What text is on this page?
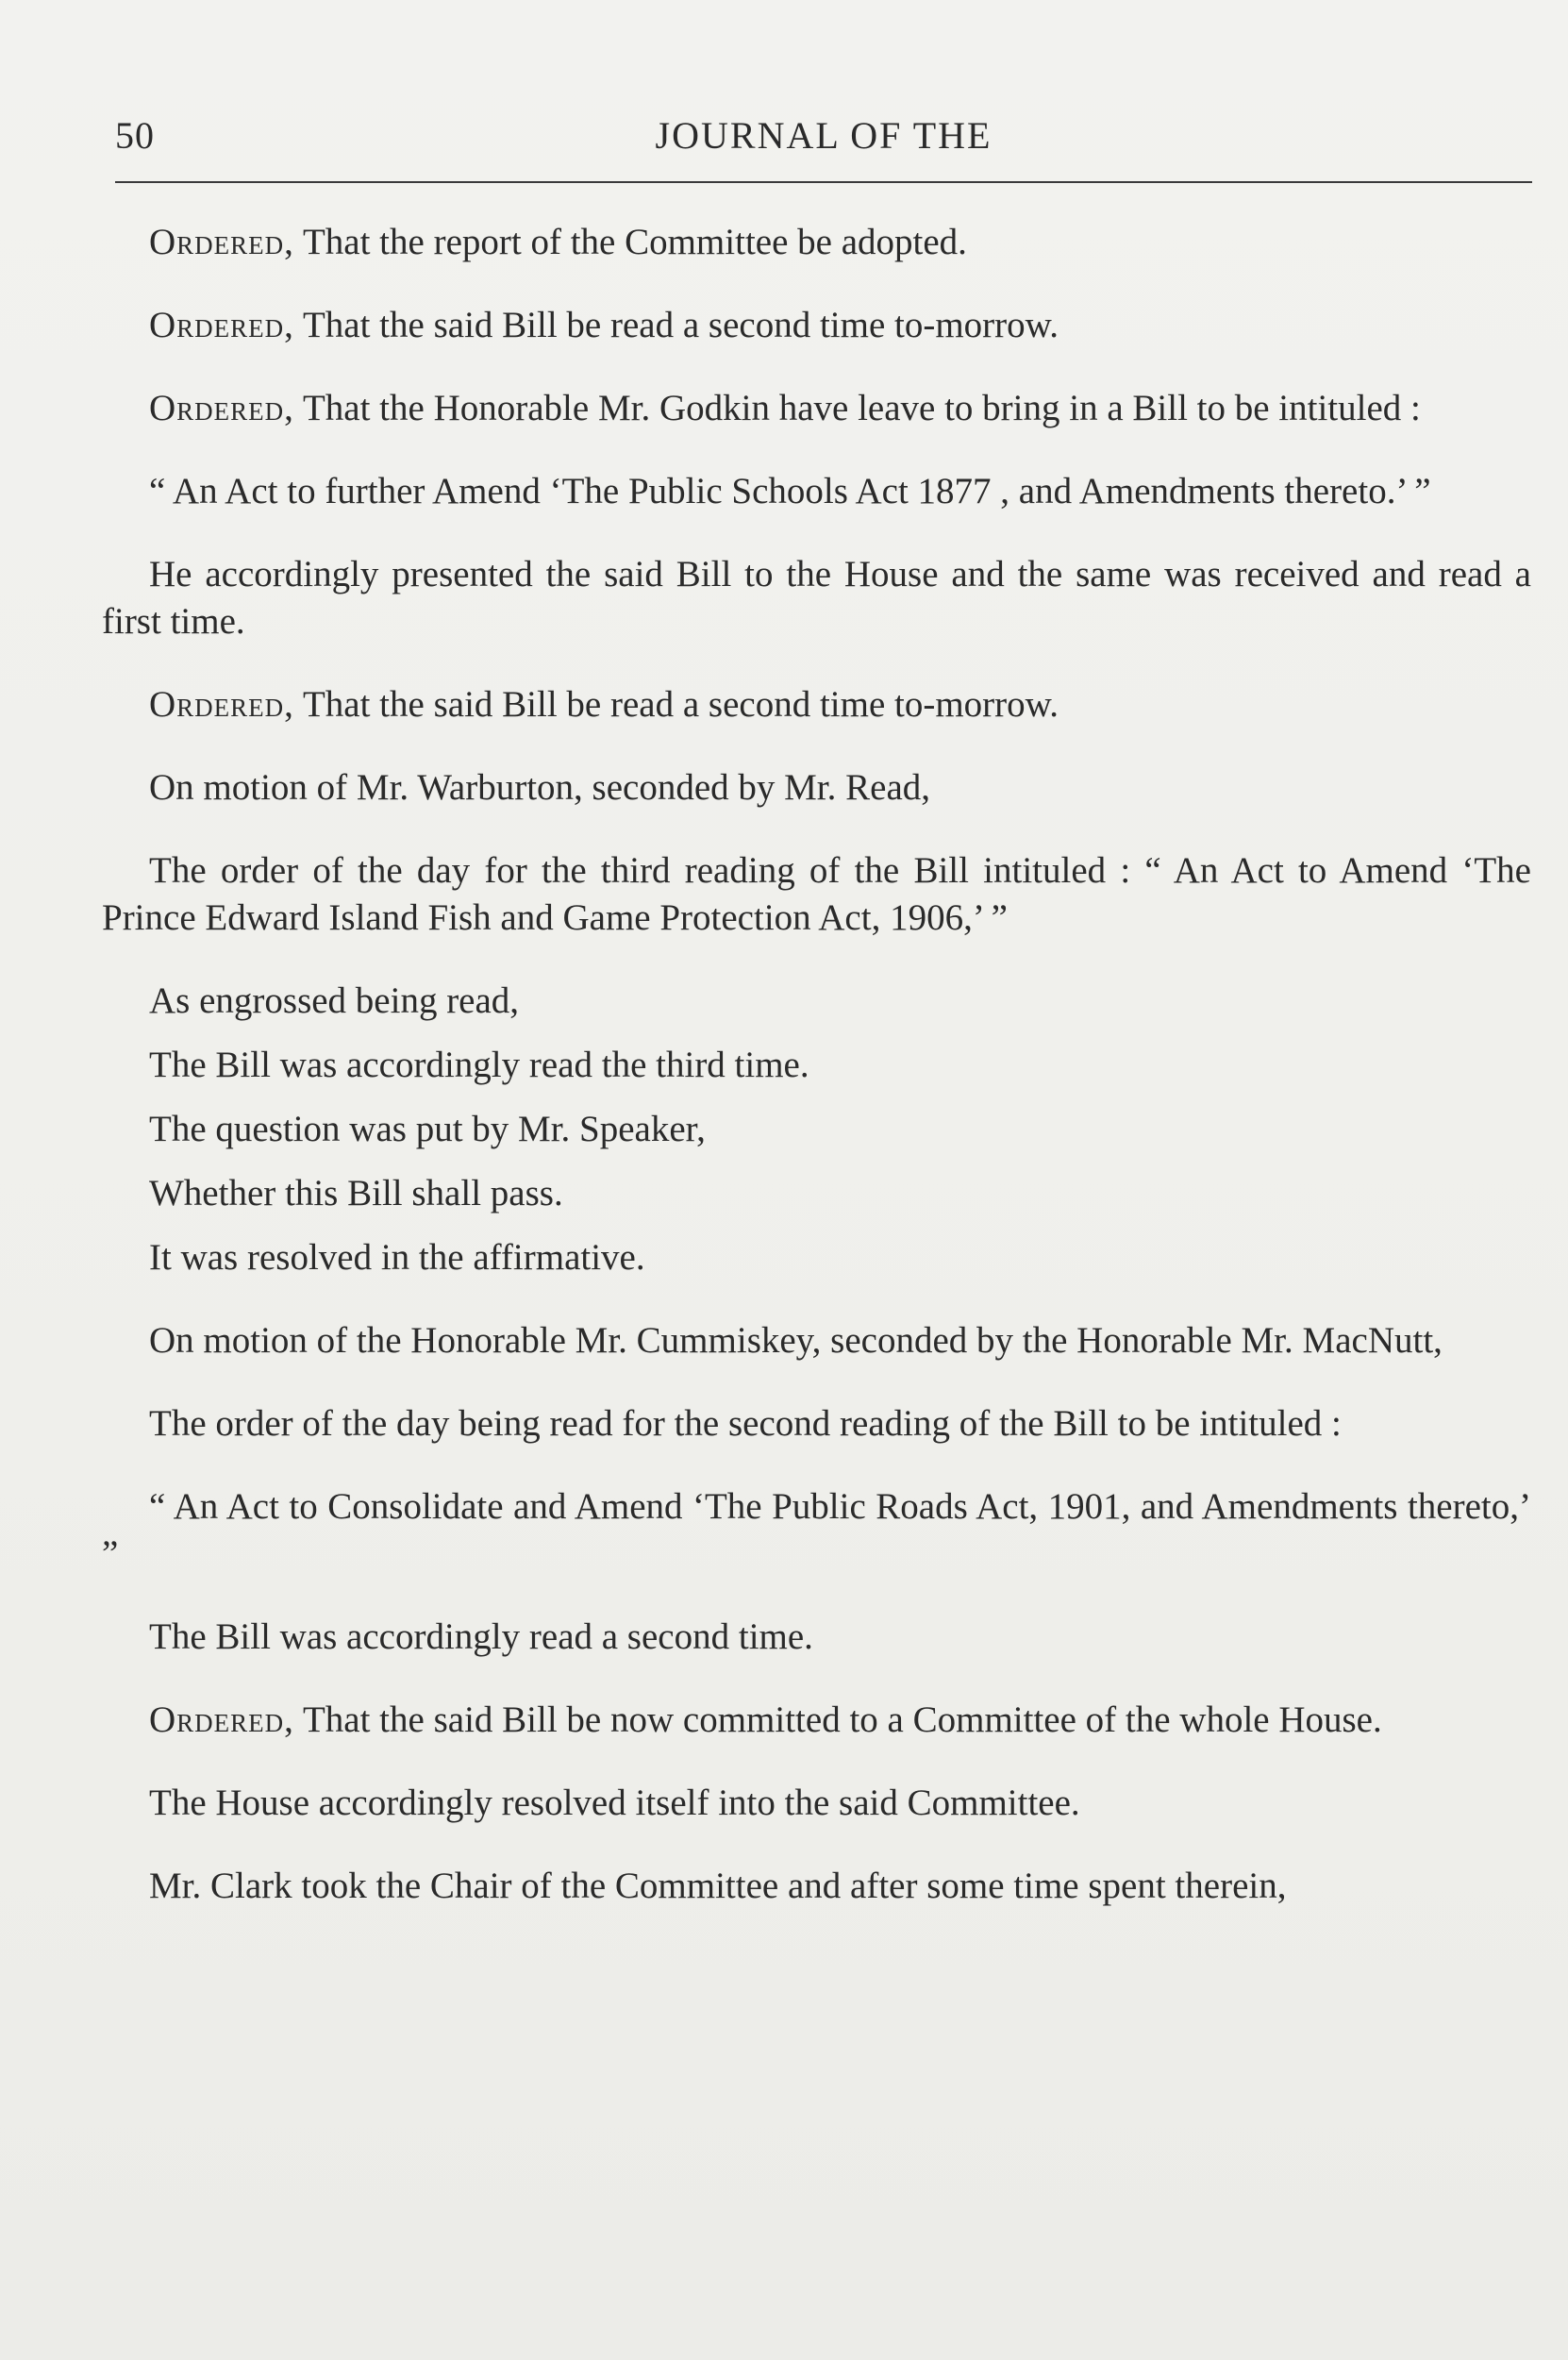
50	JOURNAL OF THE

Ordered, That the report of the Committee be adopted.

Ordered, That the said Bill be read a second time to-morrow.

Ordered, That the Honorable Mr. Godkin have leave to bring in a Bill to be intituled :

“ An Act to further Amend ‘The Public Schools Act 1877 , and Amendments thereto.’ ”

He accordingly presented the said Bill to the House and the same was received and read a first time.

Ordered, That the said Bill be read a second time to-morrow.

On motion of Mr. Warburton, seconded by Mr. Read,

The order of the day for the third reading of the Bill intituled : “ An Act to Amend ‘The Prince Edward Island Fish and Game Protection Act, 1906,’ ”

As engrossed being read,

The Bill was accordingly read the third time.

The question was put by Mr. Speaker,

Whether this Bill shall pass.

It was resolved in the affirmative.

On motion of the Honorable Mr. Cummiskey, seconded by the Honorable Mr. MacNutt,

The order of the day being read for the second reading of the Bill to be intituled :

“ An Act to Consolidate and Amend ‘The Public Roads Act, 1901, and Amendments thereto,’ ”

The Bill was accordingly read a second time.

Ordered, That the said Bill be now committed to a Committee of the whole House.

The House accordingly resolved itself into the said Committee.

Mr. Clark took the Chair of the Committee and after some time spent therein,
